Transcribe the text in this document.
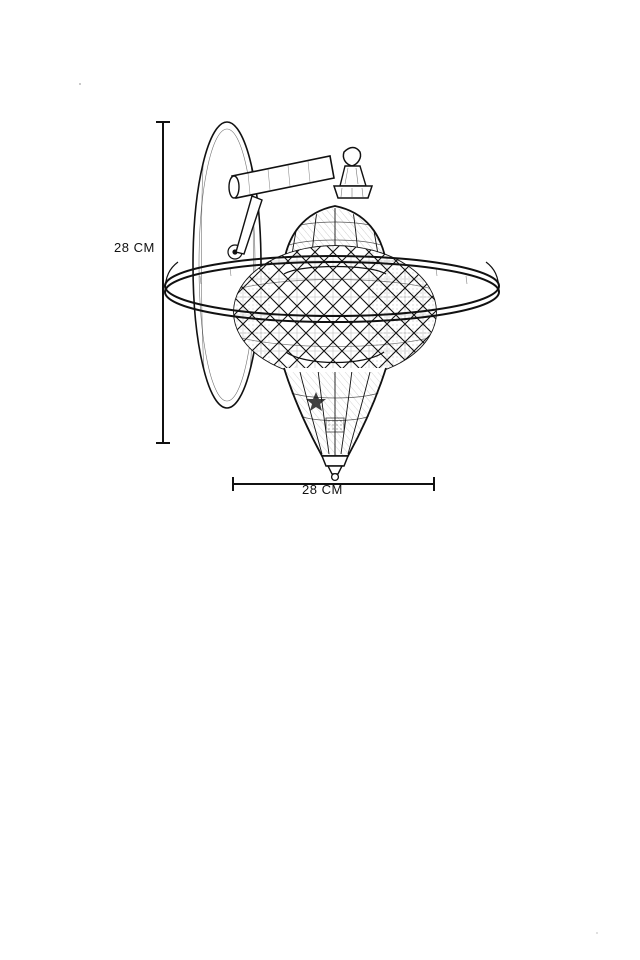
28 CM
28 CM
